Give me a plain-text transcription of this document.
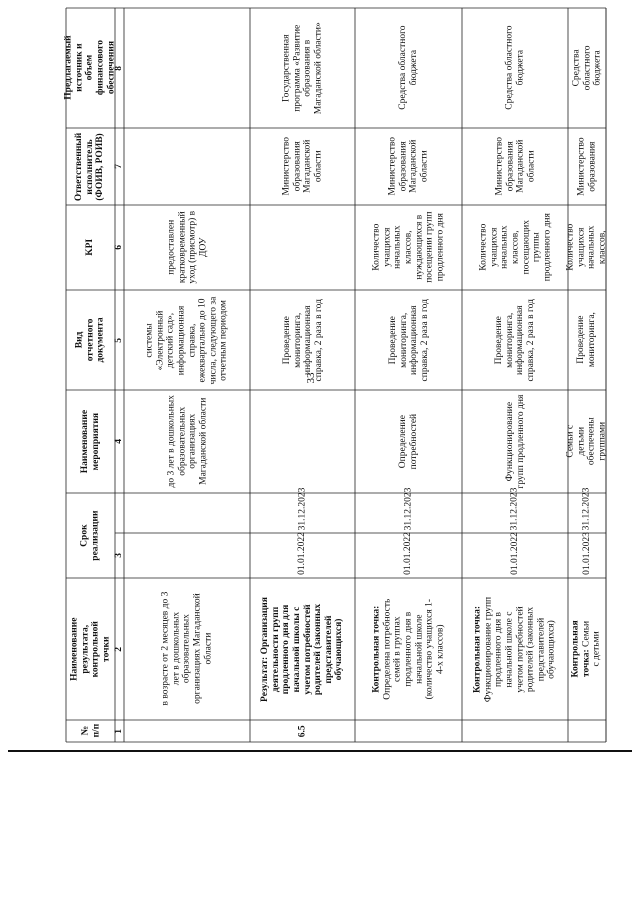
33
Предлагаемый источник и объем финансового обеспечения
Ответственный исполнитель (ФОИВ, РОИВ)
KPI
Вид отчетного документа
Наименование мероприятия
Срок реализации
Наименование результата, контрольной точки
№ п/п 1
2
3
4
5
6
7
8
в возрасте от 2 месяцев до 3 лет в дошкольных образовательных организациях Магаданской области
до 3 лет в дошкольных образовательных организациях Магаданской области
системы «Электронный детский сад», информационная справка, ежеквартально до 10 числа, следующего за отчетным периодом
предоставлен кратковременный уход (присмотр) в ДОУ
6.5
Результат: Организация деятельности групп продленного дня для начальной школы с учетом потребностей родителей (законных представителей обучающихся)
01.01.2022
31.12.2023
Проведение мониторинга, информационная справка, 2 раза в год
Министерство образования Магаданской области
Государственная программа «Развитие образования в Магаданской области»
Контрольная точка: Определена потребность семей в группах продленного дня в начальной школе (количество учащихся 1-4-х классов)
01.01.2022
31.12.2023
Определение потребностей
Проведение мониторинга, информационная справка, 2 раза в год
Количество учащихся начальных классов, нуждающихся в посещении групп продленного дня
Министерство образования Магаданской области
Средства областного бюджета
Контрольная точка: Функционирование групп продленного дня в начальной школе с учетом потребностей родителей (законных представителей обучающихся)
01.01.2022
31.12.2023
Функционирование групп продленного дня
Проведение мониторинга, информационная справка, 2 раза в год
Количество учащихся начальных классов, посещающих группы продленного дня
Министерство образования Магаданской области
Средства областного бюджета
Контрольная точка: Семьи с детьми
01.01.2023
31.12.2023
Семьи с детьми обеспечены группами
Проведение мониторинга,
Количество учащихся начальных классов,
Министерство образования
Средства областного бюджета
